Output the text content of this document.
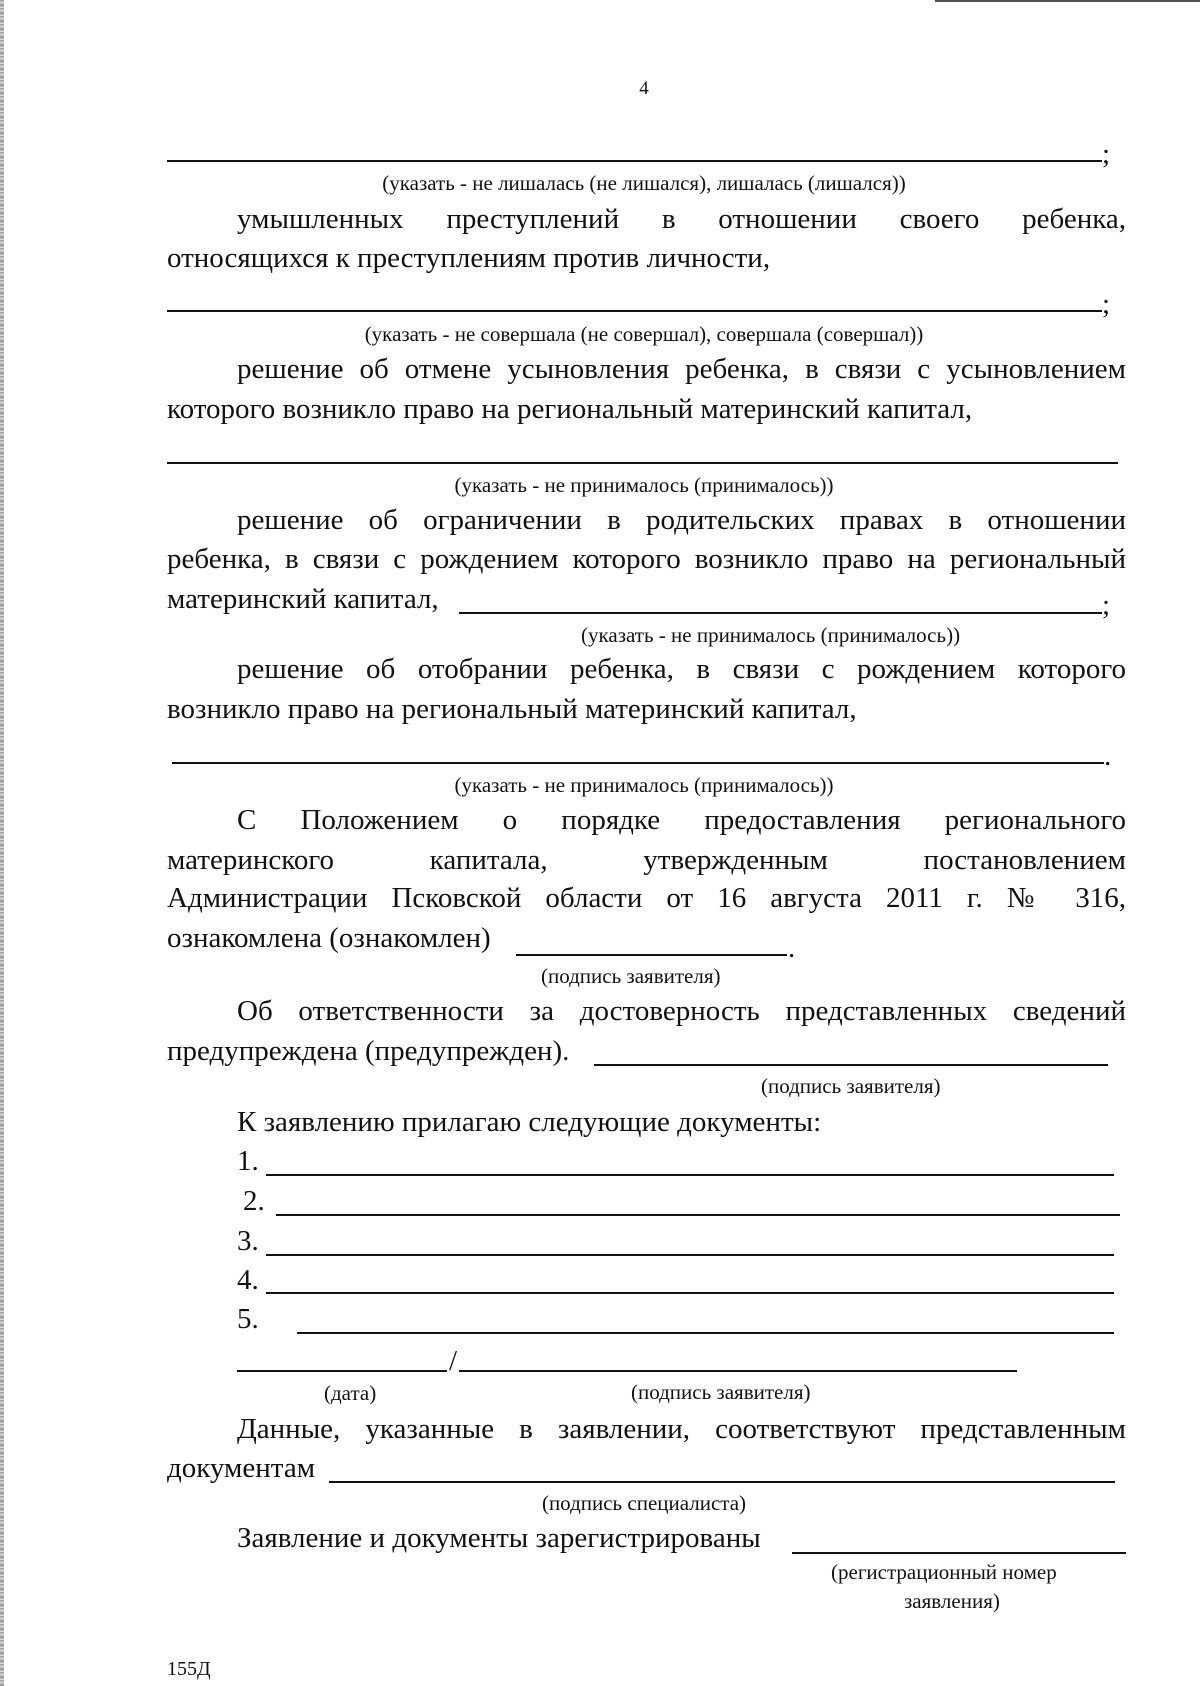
4
;
(указать - не лишалась (не лишался), лишалась (лишался))
умышленных преступлений в отношении своего ребенка,
относящихся к преступлениям против личности,
;
(указать - не совершала (не совершал), совершала (совершал))
решение об отмене усыновления ребенка, в связи с усыновлением
которого возникло право на региональный материнский капитал,
(указать - не принималось (принималось))
решение об ограничении в родительских правах в отношении
ребенка, в связи с рождением которого возникло право на региональный
материнский капитал,	;
(указать - не принималось (принималось))
решение об отобрании ребенка, в связи с рождением которого
возникло право на региональный материнский капитал,
.
(указать - не принималось (принималось))
С Положением о порядке предоставления регионального
материнского капитала, утвержденным постановлением
Администрации Псковской области от 16 августа 2011 г. № 316,
ознакомлена (ознакомлен)	.
(подпись заявителя)
Об ответственности за достоверность представленных сведений
предупреждена (предупрежден).
(подпись заявителя)
К заявлению прилагаю следующие документы:
1.
2.
3.
4.
5.
/
(дата)	(подпись заявителя)
Данные, указанные в заявлении, соответствуют представленным
документам
(подпись специалиста)
Заявление и документы зарегистрированы
(регистрационный номер
заявления)
155Д
